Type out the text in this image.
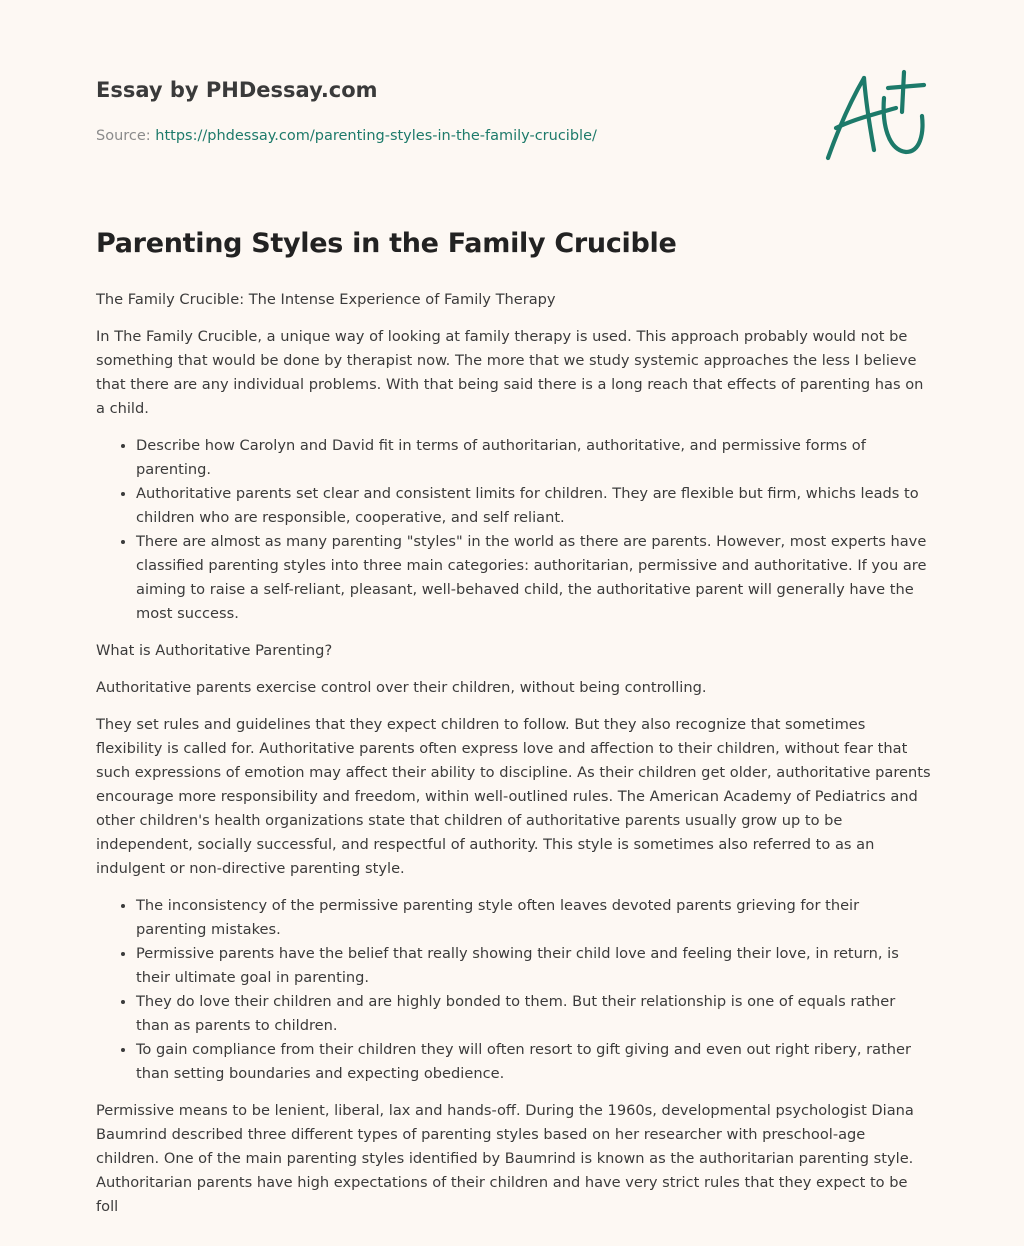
Essay by PHDessay.com
Source: https://phdessay.com/parenting-styles-in-the-family-crucible/
Parenting Styles in the Family Crucible

The Family Crucible: The Intense Experience of Family Therapy

In The Family Crucible, a unique way of looking at family therapy is used. This approach probably would not be something that would be done by therapist now. The more that we study systemic approaches the less I believe that there are any individual problems. With that being said there is a long reach that effects of parenting has on a child.

• Describe how Carolyn and David fit in terms of authoritarian, authoritative, and permissive forms of parenting.
• Authoritative parents set clear and consistent limits for children. They are flexible but firm, whichs leads to children who are responsible, cooperative, and self reliant.
• There are almost as many parenting "styles" in the world as there are parents. However, most experts have classified parenting styles into three main categories: authoritarian, permissive and authoritative. If you are aiming to raise a self-reliant, pleasant, well-behaved child, the authoritative parent will generally have the most success.

What is Authoritative Parenting?

Authoritative parents exercise control over their children, without being controlling.

They set rules and guidelines that they expect children to follow. But they also recognize that sometimes flexibility is called for. Authoritative parents often express love and affection to their children, without fear that such expressions of emotion may affect their ability to discipline. As their children get older, authoritative parents encourage more responsibility and freedom, within well-outlined rules. The American Academy of Pediatrics and other children's health organizations state that children of authoritative parents usually grow up to be independent, socially successful, and respectful of authority. This style is sometimes also referred to as an indulgent or non-directive parenting style.

• The inconsistency of the permissive parenting style often leaves devoted parents grieving for their parenting mistakes.
• Permissive parents have the belief that really showing their child love and feeling their love, in return, is their ultimate goal in parenting.
• They do love their children and are highly bonded to them. But their relationship is one of equals rather than as parents to children.
• To gain compliance from their children they will often resort to gift giving and even out right ribery, rather than setting boundaries and expecting obedience.

Permissive means to be lenient, liberal, lax and hands-off. During the 1960s, developmental psychologist Diana Baumrind described three different types of parenting styles based on her researcher with preschool-age children. One of the main parenting styles identified by Baumrind is known as the authoritarian parenting style. Authoritarian parents have high expectations of their children and have very strict rules that they expect to be foll
